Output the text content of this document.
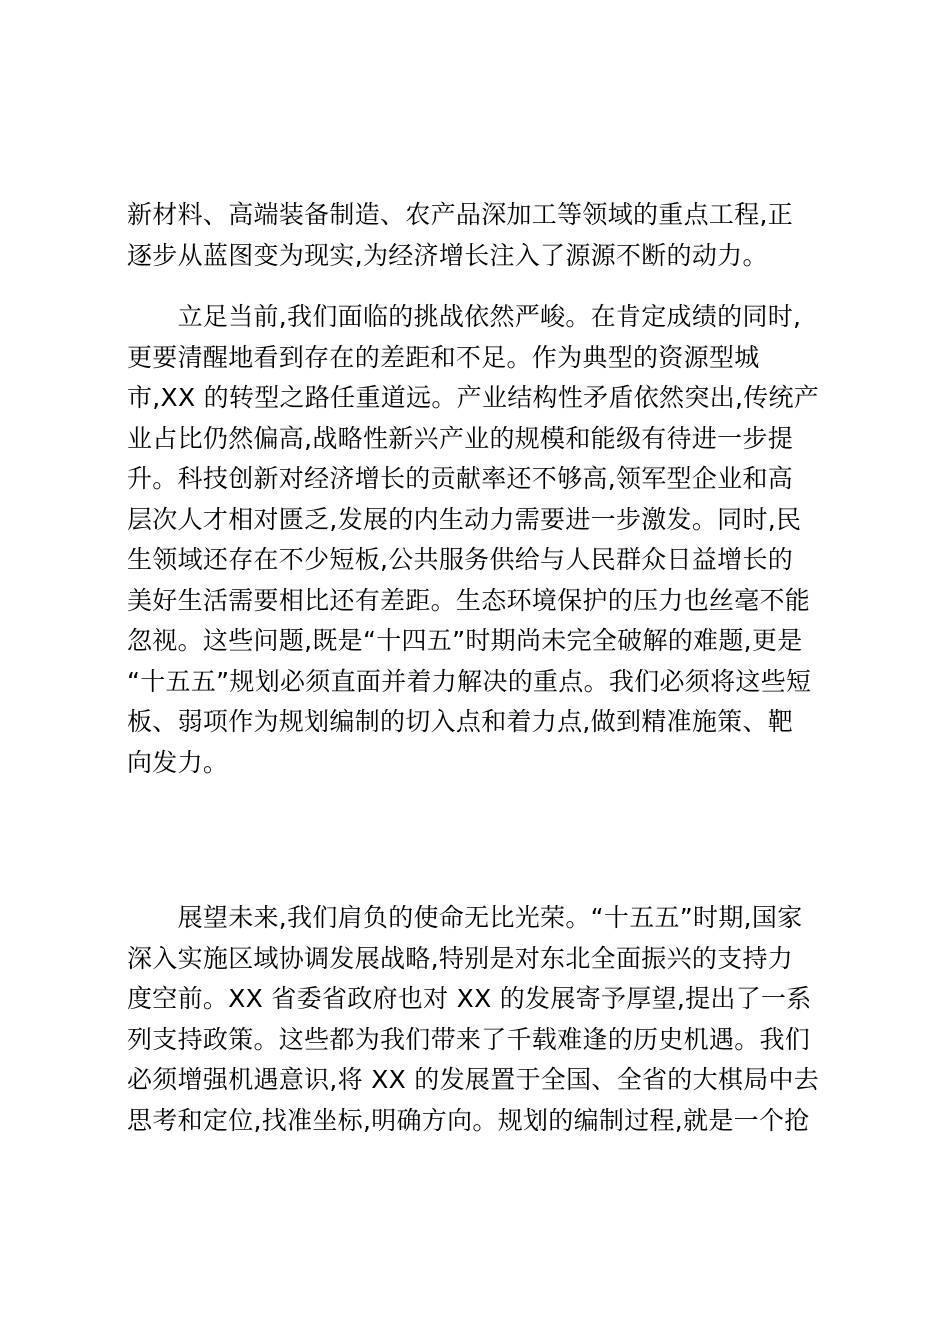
新材料、高端装备制造、农产品深加工等领域的重点工程,正
逐步从蓝图变为现实,为经济增长注入了源源不断的动力。
　　立足当前,我们面临的挑战依然严峻。在肯定成绩的同时,
更要清醒地看到存在的差距和不足。作为典型的资源型城
市,XX 的转型之路任重道远。产业结构性矛盾依然突出,传统产
业占比仍然偏高,战略性新兴产业的规模和能级有待进一步提
升。科技创新对经济增长的贡献率还不够高,领军型企业和高
层次人才相对匮乏,发展的内生动力需要进一步激发。同时,民
生领域还存在不少短板,公共服务供给与人民群众日益增长的
美好生活需要相比还有差距。生态环境保护的压力也丝毫不能
忽视。这些问题,既是“十四五”时期尚未完全破解的难题,更是
“十五五”规划必须直面并着力解决的重点。我们必须将这些短
板、弱项作为规划编制的切入点和着力点,做到精准施策、靶
向发力。
　　展望未来,我们肩负的使命无比光荣。“十五五”时期,国家
深入实施区域协调发展战略,特别是对东北全面振兴的支持力
度空前。XX 省委省政府也对 XX 的发展寄予厚望,提出了一系
列支持政策。这些都为我们带来了千载难逢的历史机遇。我们
必须增强机遇意识,将 XX 的发展置于全国、全省的大棋局中去
思考和定位,找准坐标,明确方向。规划的编制过程,就是一个抢
